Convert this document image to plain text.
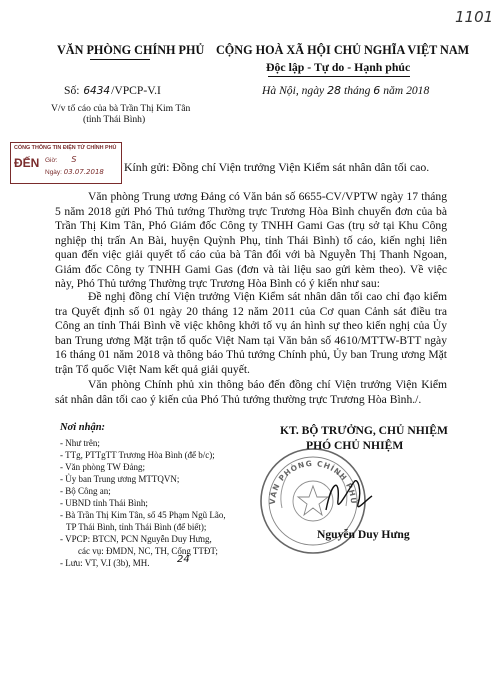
1101
VĂN PHÒNG CHÍNH PHỦ CỘNG HOÀ XÃ HỘI CHỦ NGHĨA VIỆT NAM
Độc lập - Tự do - Hạnh phúc
Số: 6434/VPCP-V.I	Hà Nội, ngày 28 tháng 6 năm 2018
V/v tố cáo của bà Trần Thị Kim Tân
(tỉnh Thái Bình)
CỔNG THÔNG TIN ĐIỆN TỬ CHÍNH PHỦ
ĐẾN Giờ: S
Ngày: 03.07.2018 Kính gửi: Đồng chí Viện trưởng Viện Kiểm sát nhân dân tối cao.
Văn phòng Trung ương Đảng có Văn bản số 6655-CV/VPTW ngày 17 tháng 5 năm 2018 gửi Phó Thủ tướng Thường trực Trương Hòa Bình chuyển đơn của bà Trần Thị Kim Tân, Phó Giám đốc Công ty TNHH Gami Gas (trụ sở tại Khu Công nghiệp thị trấn An Bài, huyện Quỳnh Phụ, tỉnh Thái Bình) tố cáo, kiến nghị liên quan đến việc giải quyết tố cáo của bà Tân đối với bà Nguyễn Thị Thanh Ngoan, Giám đốc Công ty TNHH Gami Gas (đơn và tài liệu sao gửi kèm theo). Về việc này, Phó Thủ tướng Thường trực Trương Hòa Bình có ý kiến như sau:
Đề nghị đồng chí Viện trưởng Viện Kiểm sát nhân dân tối cao chỉ đạo kiểm tra Quyết định số 01 ngày 20 tháng 12 năm 2011 của Cơ quan Cảnh sát điều tra Công an tỉnh Thái Bình về việc không khởi tố vụ án hình sự theo kiến nghị của Ủy ban Trung ương Mặt trận tổ quốc Việt Nam tại Văn bản số 4610/MTTW-BTT ngày 16 tháng 01 năm 2018 và thông báo Thủ tướng Chính phủ, Ủy ban Trung ương Mặt trận Tổ quốc Việt Nam kết quả giải quyết.
Văn phòng Chính phủ xin thông báo đến đồng chí Viện trưởng Viện Kiểm sát nhân dân tối cao ý kiến của Phó Thủ tướng thường trực Trương Hòa Bình./.
Nơi nhận:
- Như trên;
- TTg, PTTgTT Trương Hòa Bình (để b/c);
- Văn phòng TW Đảng;
- Ủy ban Trung ương MTTQVN;
- Bộ Công an;
- UBND tỉnh Thái Bình;
- Bà Trần Thị Kim Tân, số 45 Phạm Ngũ Lão,
TP Thái Bình, tỉnh Thái Bình (để biết);
- VPCP: BTCN, PCN Nguyễn Duy Hưng,
các vụ: ĐMDN, NC, TH, Cổng TTĐT;
- Lưu: VT, V.I (3b), MH.	24
KT. BỘ TRƯỞNG, CHỦ NHIỆM
PHÓ CHỦ NHIỆM
VĂN PHÒNG CHÍNH PHỦ
Nguyễn Duy Hưng
